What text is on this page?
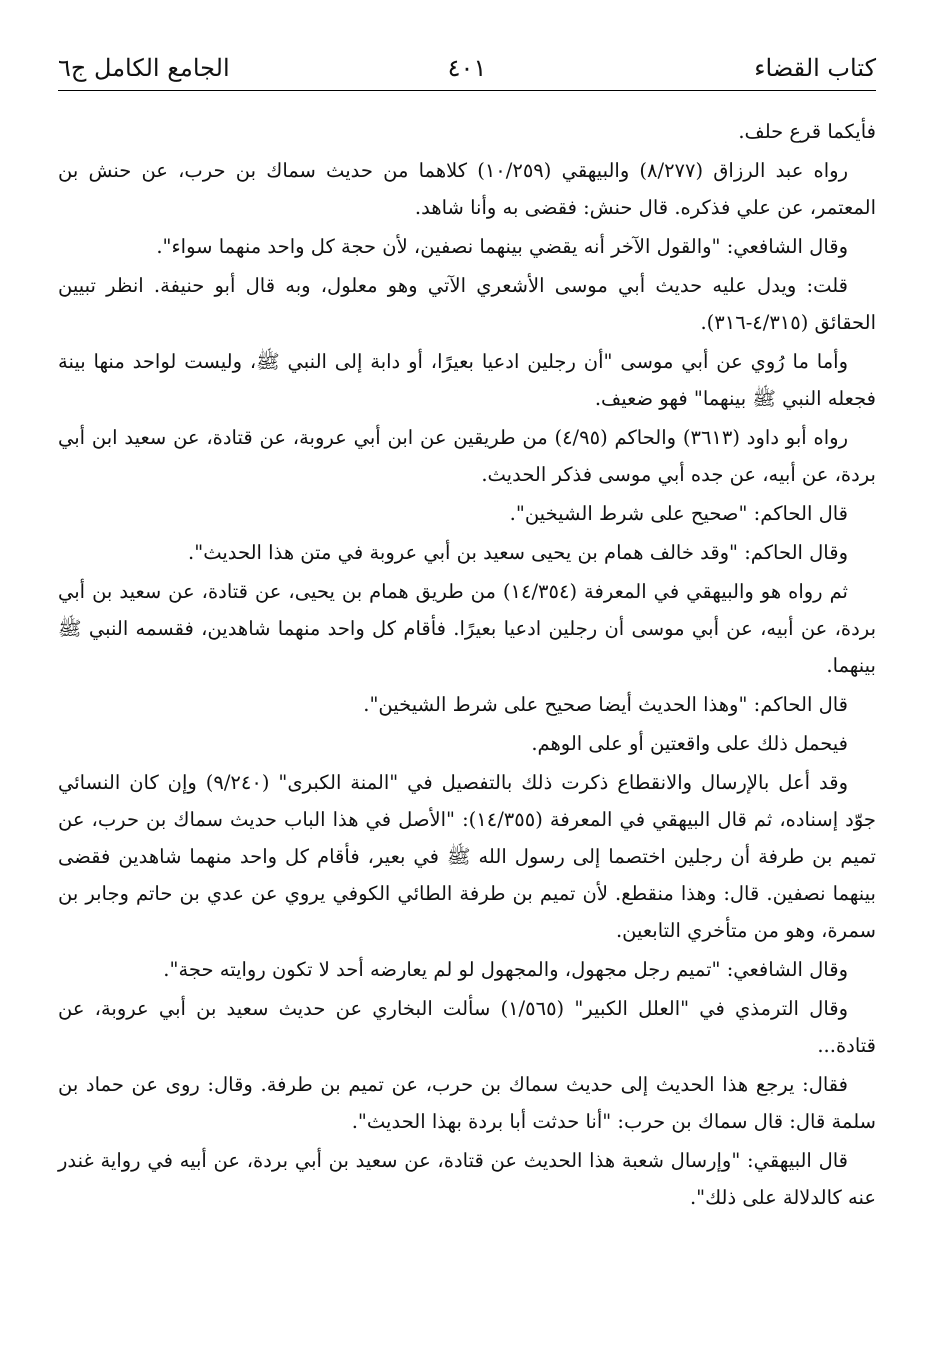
كتاب القضاء
٤٠١
الجامع الكامل ج٦

فأيكما قرع حلف.

رواه عبد الرزاق (٨/٢٧٧) والبيهقي (١٠/٢٥٩) كلاهما من حديث سماك بن حرب، عن حنش بن المعتمر، عن علي فذكره. قال حنش: فقضى به وأنا شاهد.

وقال الشافعي: "والقول الآخر أنه يقضي بينهما نصفين، لأن حجة كل واحد منهما سواء".

قلت: ويدل عليه حديث أبي موسى الأشعري الآتي وهو معلول، وبه قال أبو حنيفة. انظر تبيين الحقائق (٤/٣١٥-٣١٦).

وأما ما رُوي عن أبي موسى "أن رجلين ادعيا بعيرًا، أو دابة إلى النبي ﷺ، وليست لواحد منها بينة فجعله النبي ﷺ بينهما" فهو ضعيف.

رواه أبو داود (٣٦١٣) والحاكم (٤/٩٥) من طريقين عن ابن أبي عروبة، عن قتادة، عن سعيد ابن أبي بردة، عن أبيه، عن جده أبي موسى فذكر الحديث.

قال الحاكم: "صحيح على شرط الشيخين".

وقال الحاكم: "وقد خالف همام بن يحيى سعيد بن أبي عروبة في متن هذا الحديث".

ثم رواه هو والبيهقي في المعرفة (١٤/٣٥٤) من طريق همام بن يحيى، عن قتادة، عن سعيد بن أبي بردة، عن أبيه، عن أبي موسى أن رجلين ادعيا بعيرًا. فأقام كل واحد منهما شاهدين، فقسمه النبي ﷺ بينهما.

قال الحاكم: "وهذا الحديث أيضا صحيح على شرط الشيخين".

فيحمل ذلك على واقعتين أو على الوهم.

وقد أعل بالإرسال والانقطاع ذكرت ذلك بالتفصيل في "المنة الكبرى" (٩/٢٤٠) وإن كان النسائي جوّد إسناده، ثم قال البيهقي في المعرفة (١٤/٣٥٥): "الأصل في هذا الباب حديث سماك بن حرب، عن تميم بن طرفة أن رجلين اختصما إلى رسول الله ﷺ في بعير، فأقام كل واحد منهما شاهدين فقضى بينهما نصفين. قال: وهذا منقطع. لأن تميم بن طرفة الطائي الكوفي يروي عن عدي بن حاتم وجابر بن سمرة، وهو من متأخري التابعين.

وقال الشافعي: "تميم رجل مجهول، والمجهول لو لم يعارضه أحد لا تكون روايته حجة".

وقال الترمذي في "العلل الكبير" (١/٥٦٥) سألت البخاري عن حديث سعيد بن أبي عروبة، عن قتادة...

فقال: يرجع هذا الحديث إلى حديث سماك بن حرب، عن تميم بن طرفة. وقال: روى عن حماد بن سلمة قال: قال سماك بن حرب: "أنا حدثت أبا بردة بهذا الحديث".

قال البيهقي: "وإرسال شعبة هذا الحديث عن قتادة، عن سعيد بن أبي بردة، عن أبيه في رواية غندر عنه كالدلالة على ذلك".
